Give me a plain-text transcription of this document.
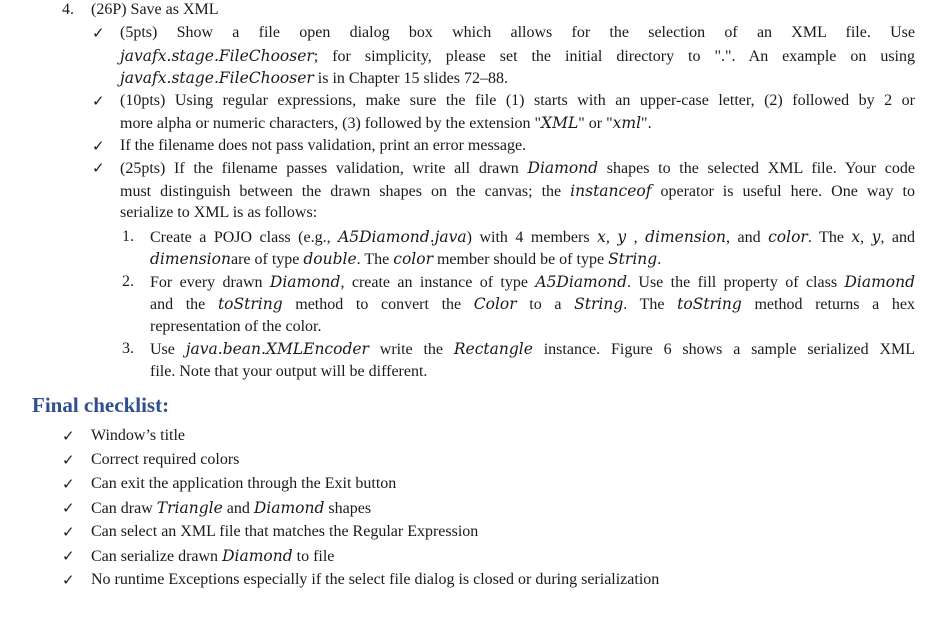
4. (26P) Save as XML
✓ (5pts) Show a file open dialog box which allows for the selection of an XML file. Use
javafx.stage.FileChooser; for simplicity, please set the initial directory to ".". An example on using
javafx.stage.FileChooser is in Chapter 15 slides 72–88.
✓ (10pts) Using regular expressions, make sure the file (1) starts with an upper-case letter, (2) followed by 2 or
more alpha or numeric characters, (3) followed by the extension "XML" or "xml".
✓ If the filename does not pass validation, print an error message.
✓ (25pts) If the filename passes validation, write all drawn Diamond shapes to the selected XML file. Your code
must distinguish between the drawn shapes on the canvas; the instanceof operator is useful here. One way to
serialize to XML is as follows:
1. Create a POJO class (e.g., A5Diamond.java) with 4 members x, y , dimension, and color. The x, y, and
dimensionare of type double. The color member should be of type String.
2. For every drawn Diamond, create an instance of type A5Diamond. Use the fill property of class Diamond
and the toString method to convert the Color to a String. The toString method returns a hex
representation of the color.
3. Use java.bean.XMLEncoder write the Rectangle instance. Figure 6 shows a sample serialized XML
file. Note that your output will be different.
Final checklist:
✓ Window’s title
✓ Correct required colors
✓ Can exit the application through the Exit button
✓ Can draw Triangle and Diamond shapes
✓ Can select an XML file that matches the Regular Expression
✓ Can serialize drawn Diamond to file
✓ No runtime Exceptions especially if the select file dialog is closed or during serialization
